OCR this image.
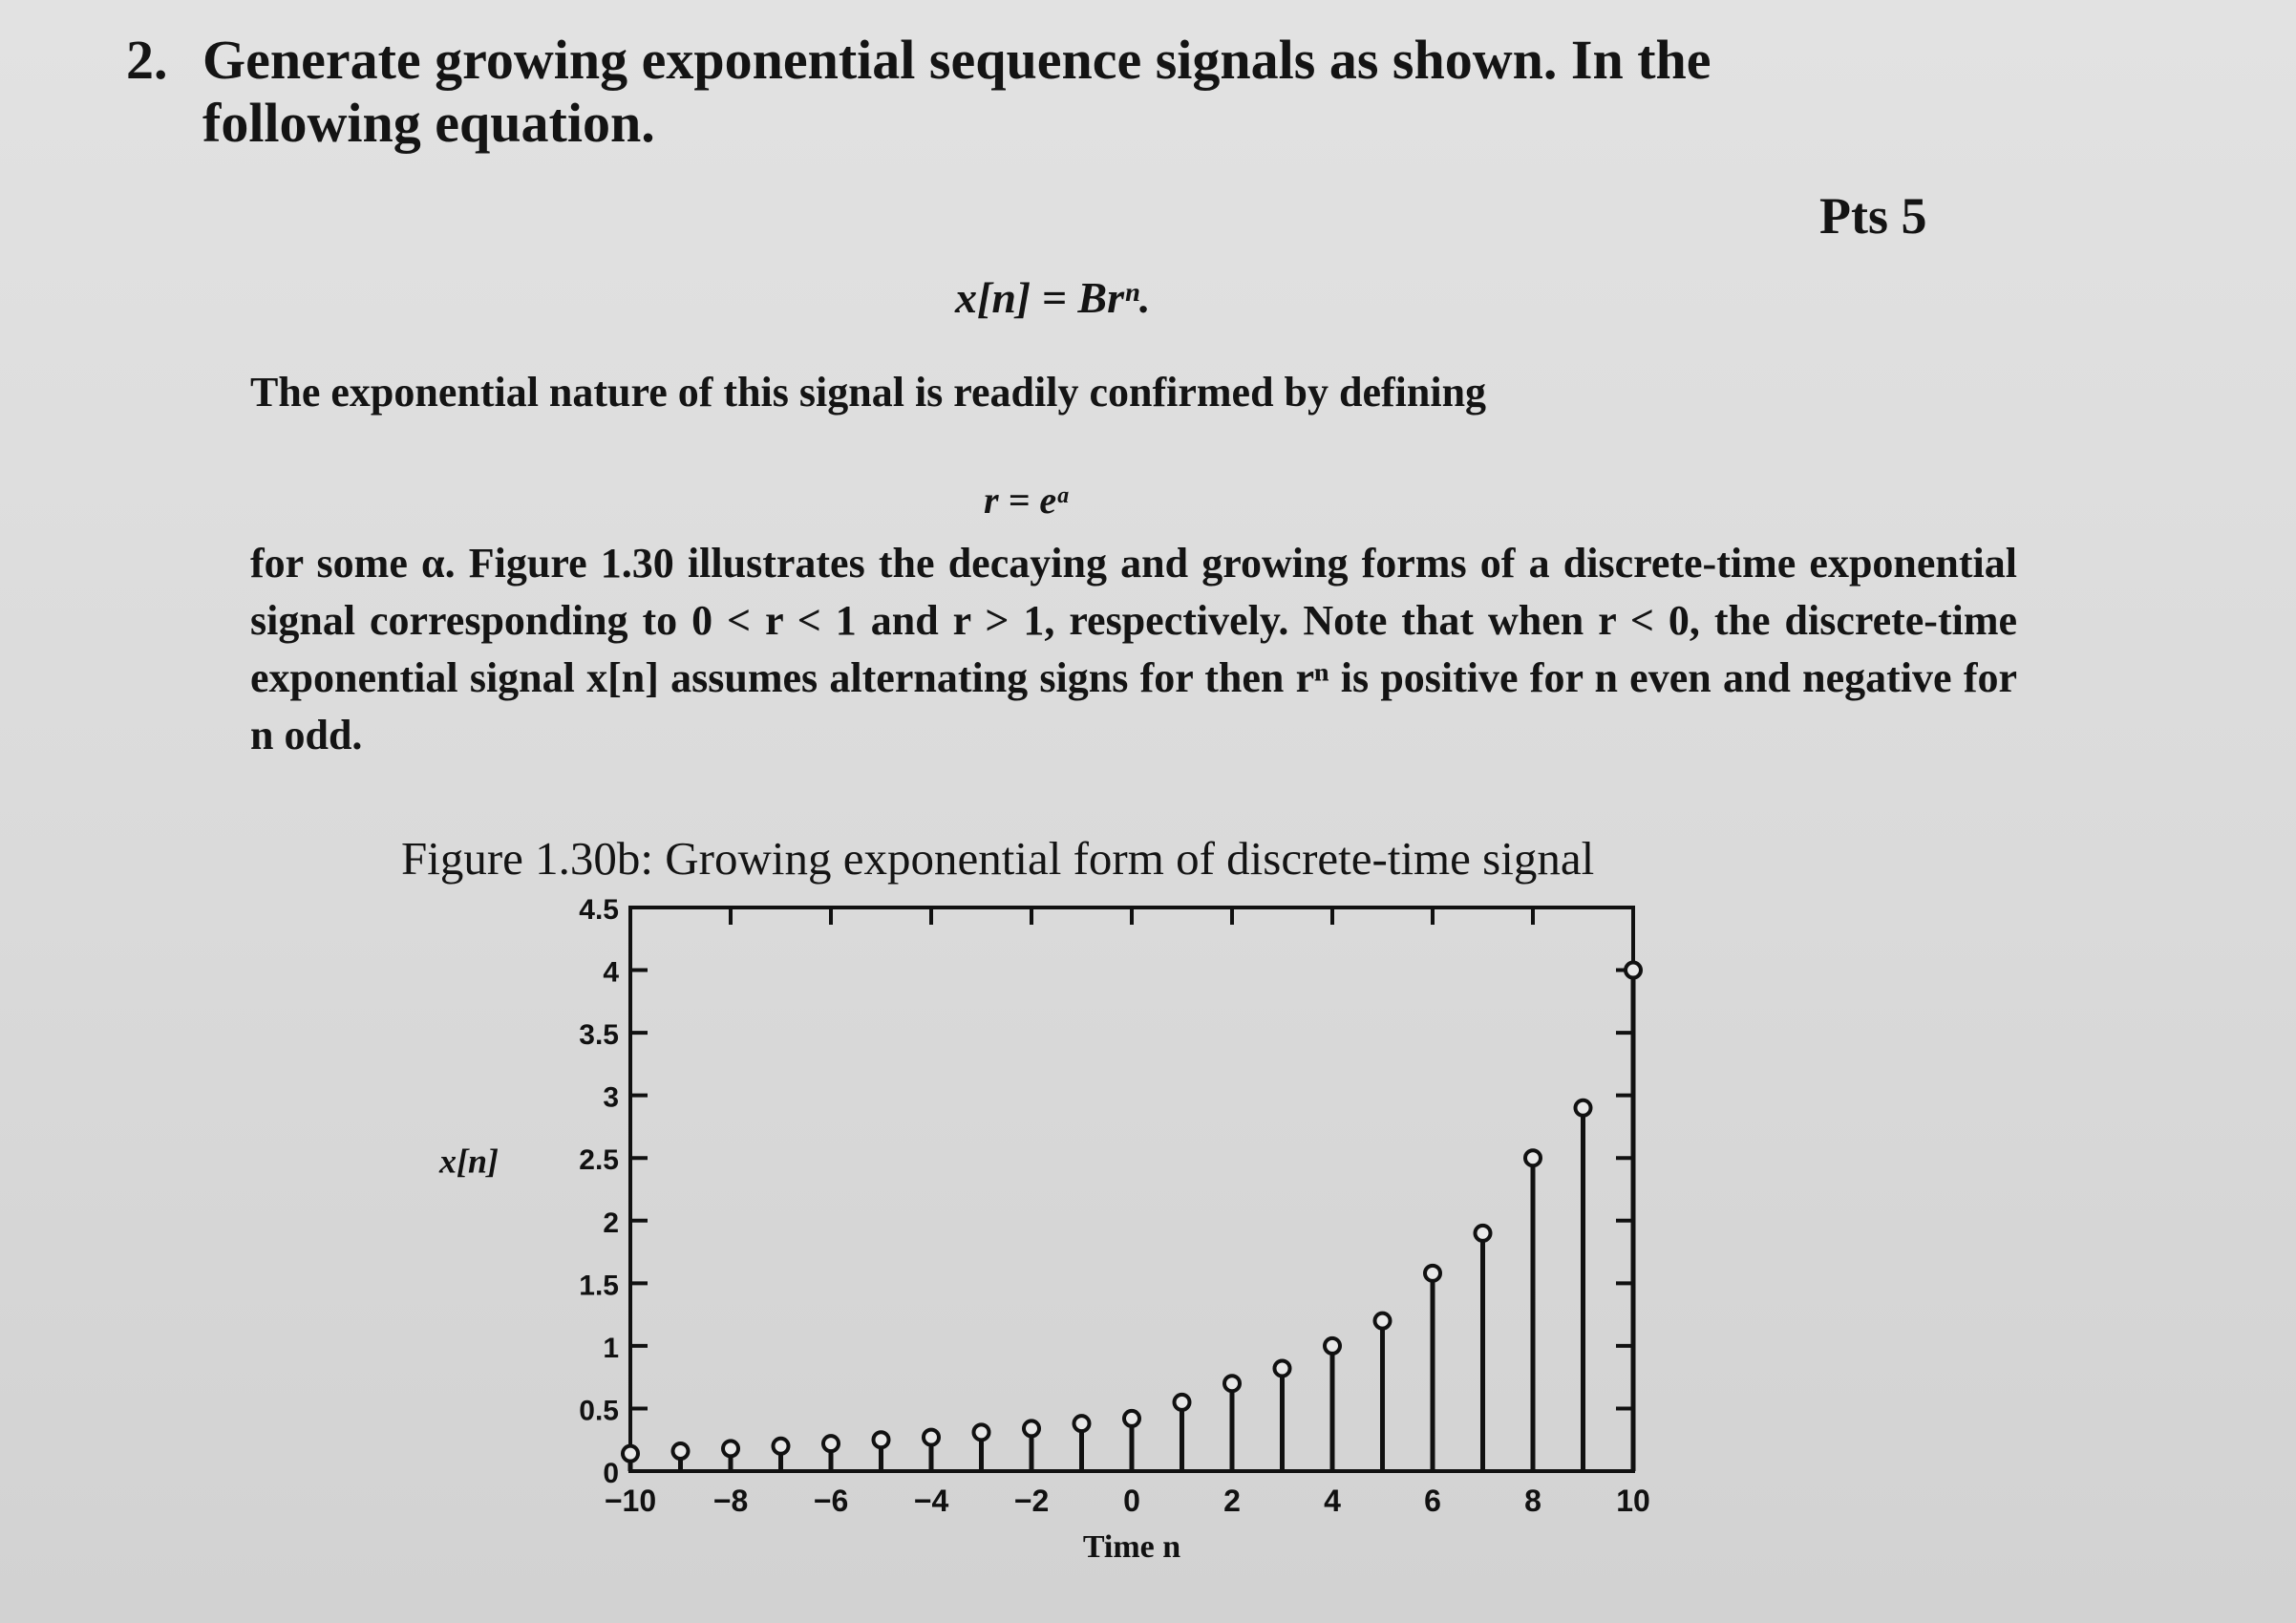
2. Generate growing exponential sequence signals as shown. In the following equation.
Pts 5
x[n] = Brⁿ.
The exponential nature of this signal is readily confirmed by defining
r = eᵅ
for some α. Figure 1.30 illustrates the decaying and growing forms of a discrete-time exponential signal corresponding to 0 < r < 1 and r > 1, respectively. Note that when r < 0, the discrete-time exponential signal x[n] assumes alternating signs for then rⁿ is positive for n even and negative for n odd.
Figure 1.30b: Growing exponential form of discrete-time signal
0
0.5
1
1.5
2
2.5
3
3.5
4
4.5
−10 −8 −6 −4 −2 0	2	4	6	8 10
Time n
x[n]
